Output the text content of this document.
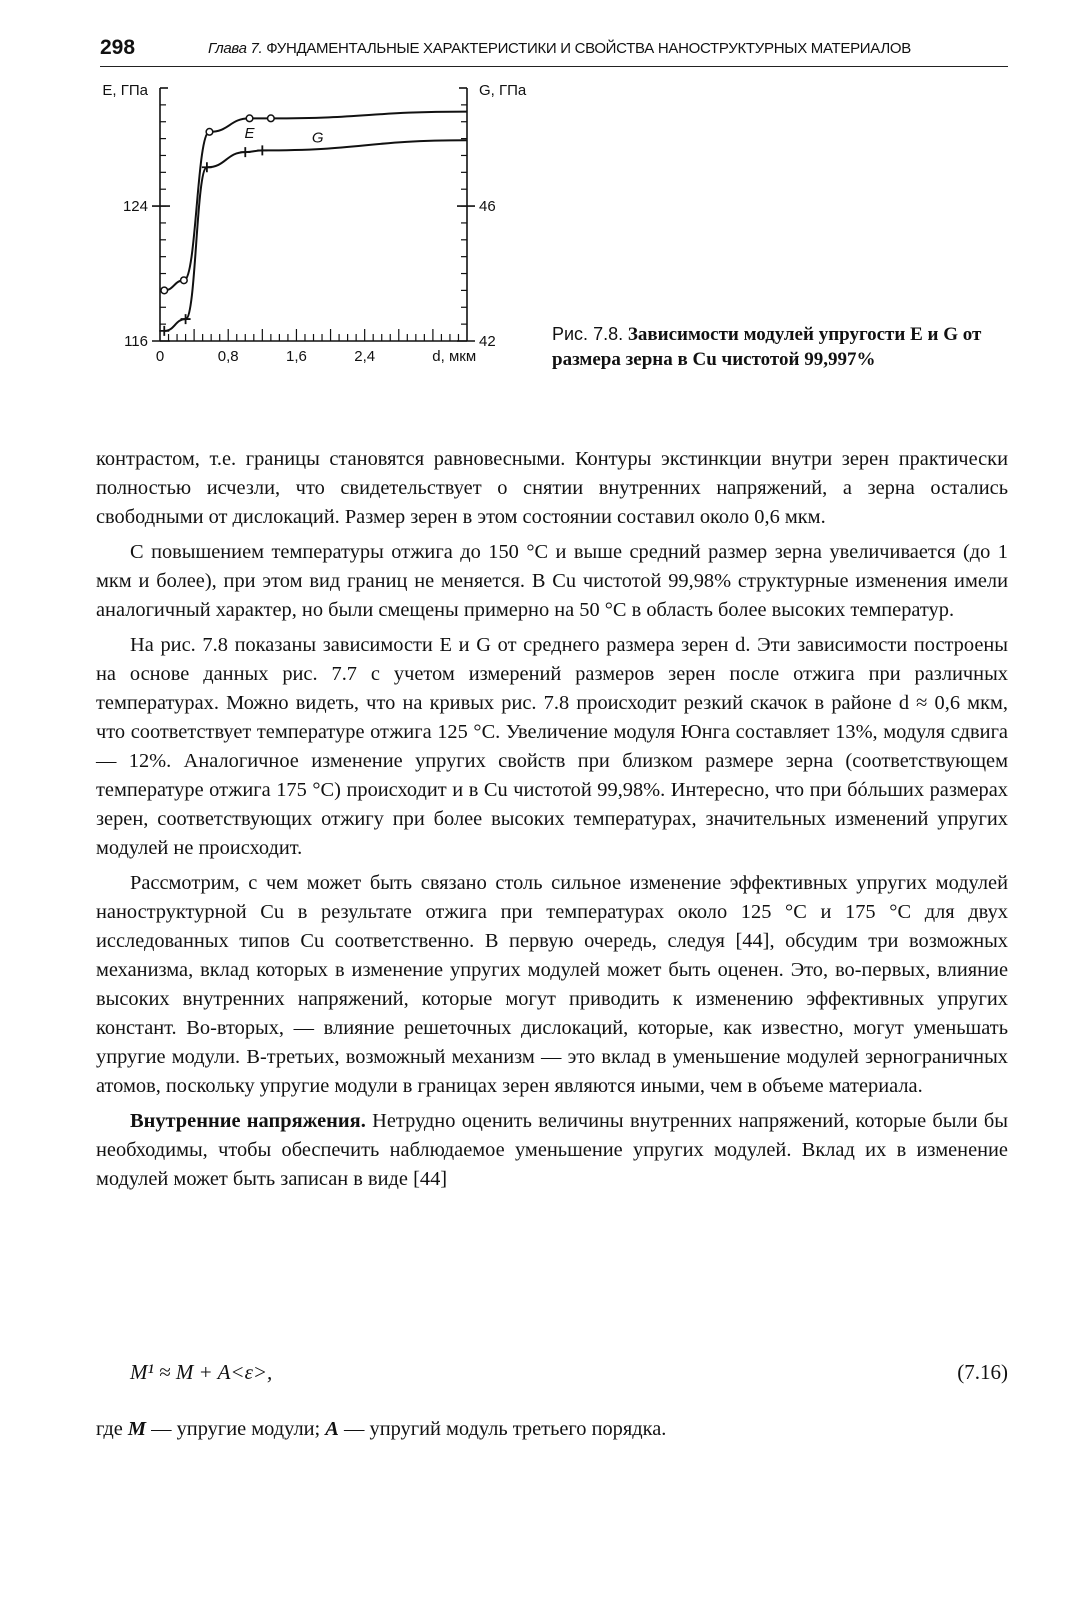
298	Глава 7. ФУНДАМЕНТАЛЬНЫЕ ХАРАКТЕРИСТИКИ И СВОЙСТВА НАНОСТРУКТУРНЫХ МАТЕРИАЛОВ
116
124
42
46
0	0,8	1,6	2,4
E, ГПа	G, ГПа
d, мкм
E	G
Рис. 7.8. Зависимости модулей упругости E и G от размера зерна в Cu чистотой 99,997%

контрастом, т.е. границы становятся равновесными. Контуры экстинкции внутри зерен практически полностью исчезли, что свидетельствует о снятии внутренних напряжений, а зерна остались свободными от дислокаций. Размер зерен в этом состоянии составил около 0,6 мкм.

С повышением температуры отжига до 150 °С и выше средний размер зерна увеличивается (до 1 мкм и более), при этом вид границ не меняется. В Cu чистотой 99,98% структурные изменения имели аналогичный характер, но были смещены примерно на 50 °С в область более высоких температур.

На рис. 7.8 показаны зависимости E и G от среднего размера зерен d. Эти зависимости построены на основе данных рис. 7.7 с учетом измерений размеров зерен после отжига при различных температурах. Можно видеть, что на кривых рис. 7.8 происходит резкий скачок в районе d ≈ 0,6 мкм, что соответствует температуре отжига 125 °С. Увеличение модуля Юнга составляет 13%, модуля сдвига — 12%. Аналогичное изменение упругих свойств при близком размере зерна (соответствующем температуре отжига 175 °С) происходит и в Cu чистотой 99,98%. Интересно, что при бóльших размерах зерен, соответствующих отжигу при более высоких температурах, значительных изменений упругих модулей не происходит.

Рассмотрим, с чем может быть связано столь сильное изменение эффективных упругих модулей наноструктурной Cu в результате отжига при температурах около 125 °С и 175 °С для двух исследованных типов Cu соответственно. В первую очередь, следуя [44], обсудим три возможных механизма, вклад которых в изменение упругих модулей может быть оценен. Это, во-первых, влияние высоких внутренних напряжений, которые могут приводить к изменению эффективных упругих констант. Во-вторых, — влияние решеточных дислокаций, которые, как известно, могут уменьшать упругие модули. В-третьих, возможный механизм — это вклад в уменьшение модулей зернограничных атомов, поскольку упругие модули в границах зерен являются иными, чем в объеме материала.

Внутренние напряжения. Нетрудно оценить величины внутренних напряжений, которые были бы необходимы, чтобы обеспечить наблюдаемое уменьшение упругих модулей. Вклад их в изменение модулей может быть записан в виде [44]

M¹ ≈ M + A<ε>,	(7.16)
где M — упругие модули; A — упругий модуль третьего порядка.
